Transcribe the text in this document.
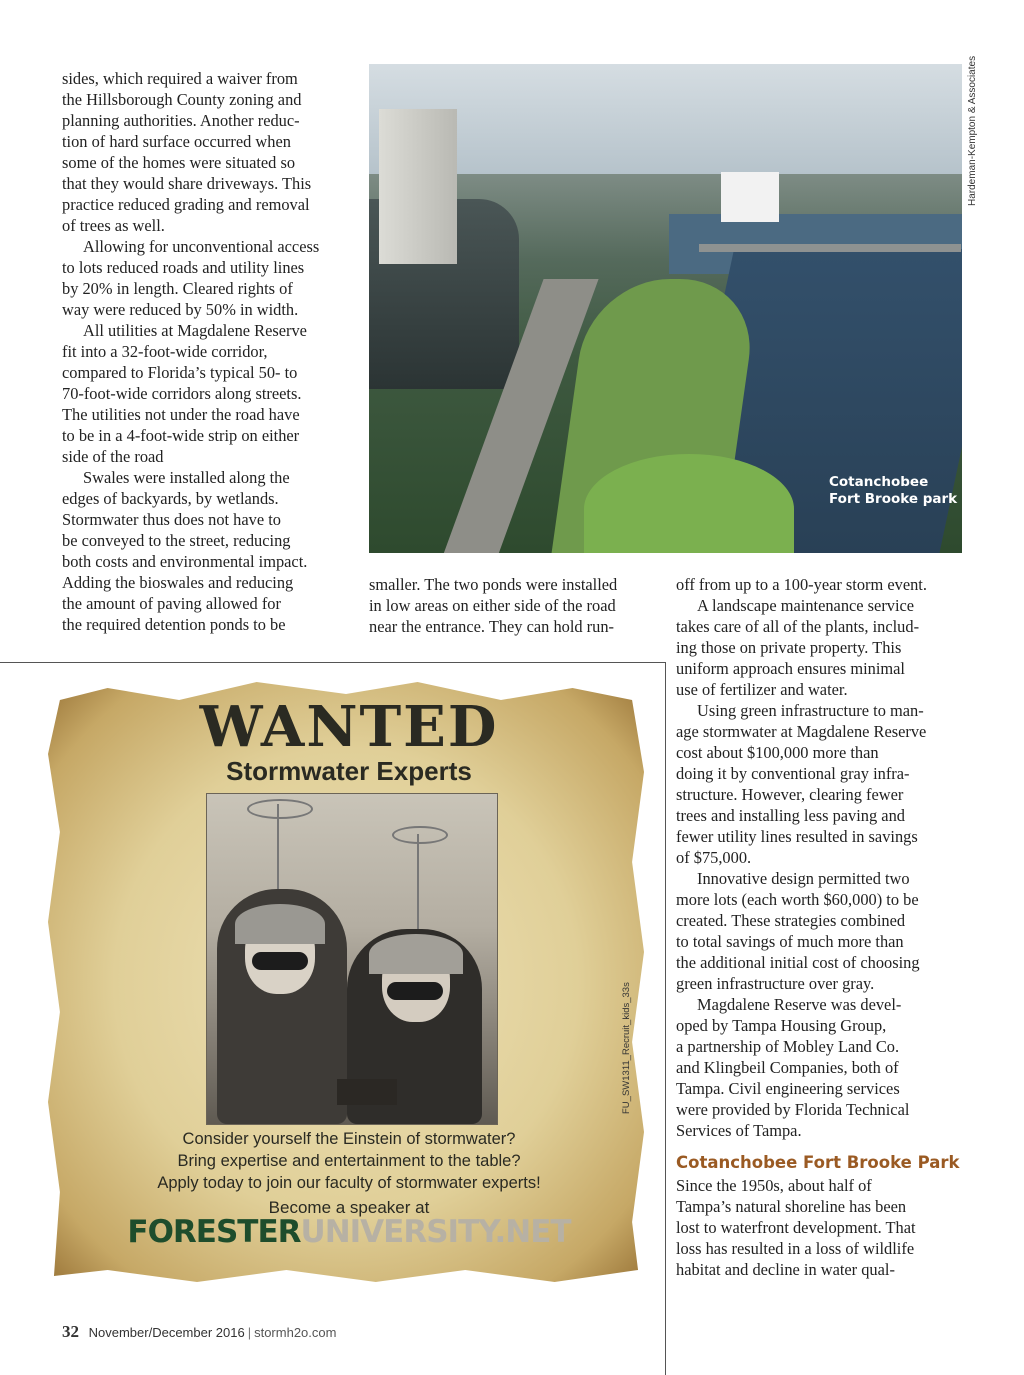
sides, which required a waiver from
the Hillsborough County zoning and
planning authorities. Another reduc-
tion of hard surface occurred when
some of the homes were situated so
that they would share driveways. This
practice reduced grading and removal
of trees as well.

Allowing for unconventional access
to lots reduced roads and utility lines
by 20% in length. Cleared rights of
way were reduced by 50% in width.

All utilities at Magdalene Reserve
fit into a 32-foot-wide corridor,
compared to Florida’s typical 50- to
70-foot-wide corridors along streets.
The utilities not under the road have
to be in a 4-foot-wide strip on either
side of the road

Swales were installed along the
edges of backyards, by wetlands.
Stormwater thus does not have to
be conveyed to the street, reducing
both costs and environmental impact.
Adding the bioswales and reducing
the amount of paving allowed for
the required detention ponds to be

Cotanchobee
Fort Brooke park
Hardeman-Kempton & Associates

smaller. The two ponds were installed
in low areas on either side of the road
near the entrance. They can hold run-

off from up to a 100-year storm event.

A landscape maintenance service
takes care of all of the plants, includ-
ing those on private property. This
uniform approach ensures minimal
use of fertilizer and water.

Using green infrastructure to man-
age stormwater at Magdalene Reserve
cost about $100,000 more than
doing it by conventional gray infra-
structure. However, clearing fewer
trees and installing less paving and
fewer utility lines resulted in savings
of $75,000.

Innovative design permitted two
more lots (each worth $60,000) to be
created. These strategies combined
to total savings of much more than
the additional initial cost of choosing
green infrastructure over gray.

Magdalene Reserve was devel-
oped by Tampa Housing Group,
a partnership of Mobley Land Co.
and Klingbeil Companies, both of
Tampa. Civil engineering services
were provided by Florida Technical
Services of Tampa.

Cotanchobee Fort Brooke Park

Since the 1950s, about half of
Tampa’s natural shoreline has been
lost to waterfront development. That
loss has resulted in a loss of wildlife
habitat and decline in water qual-

WANTED
Stormwater Experts
FU_SW1311_Recruit_kids_33s
Consider yourself the Einstein of stormwater?
Bring expertise and entertainment to the table?
Apply today to join our faculty of stormwater experts!
Become a speaker at
FORESTERUNIVERSITY.NET
32 November/December 2016 | stormh2o.com
